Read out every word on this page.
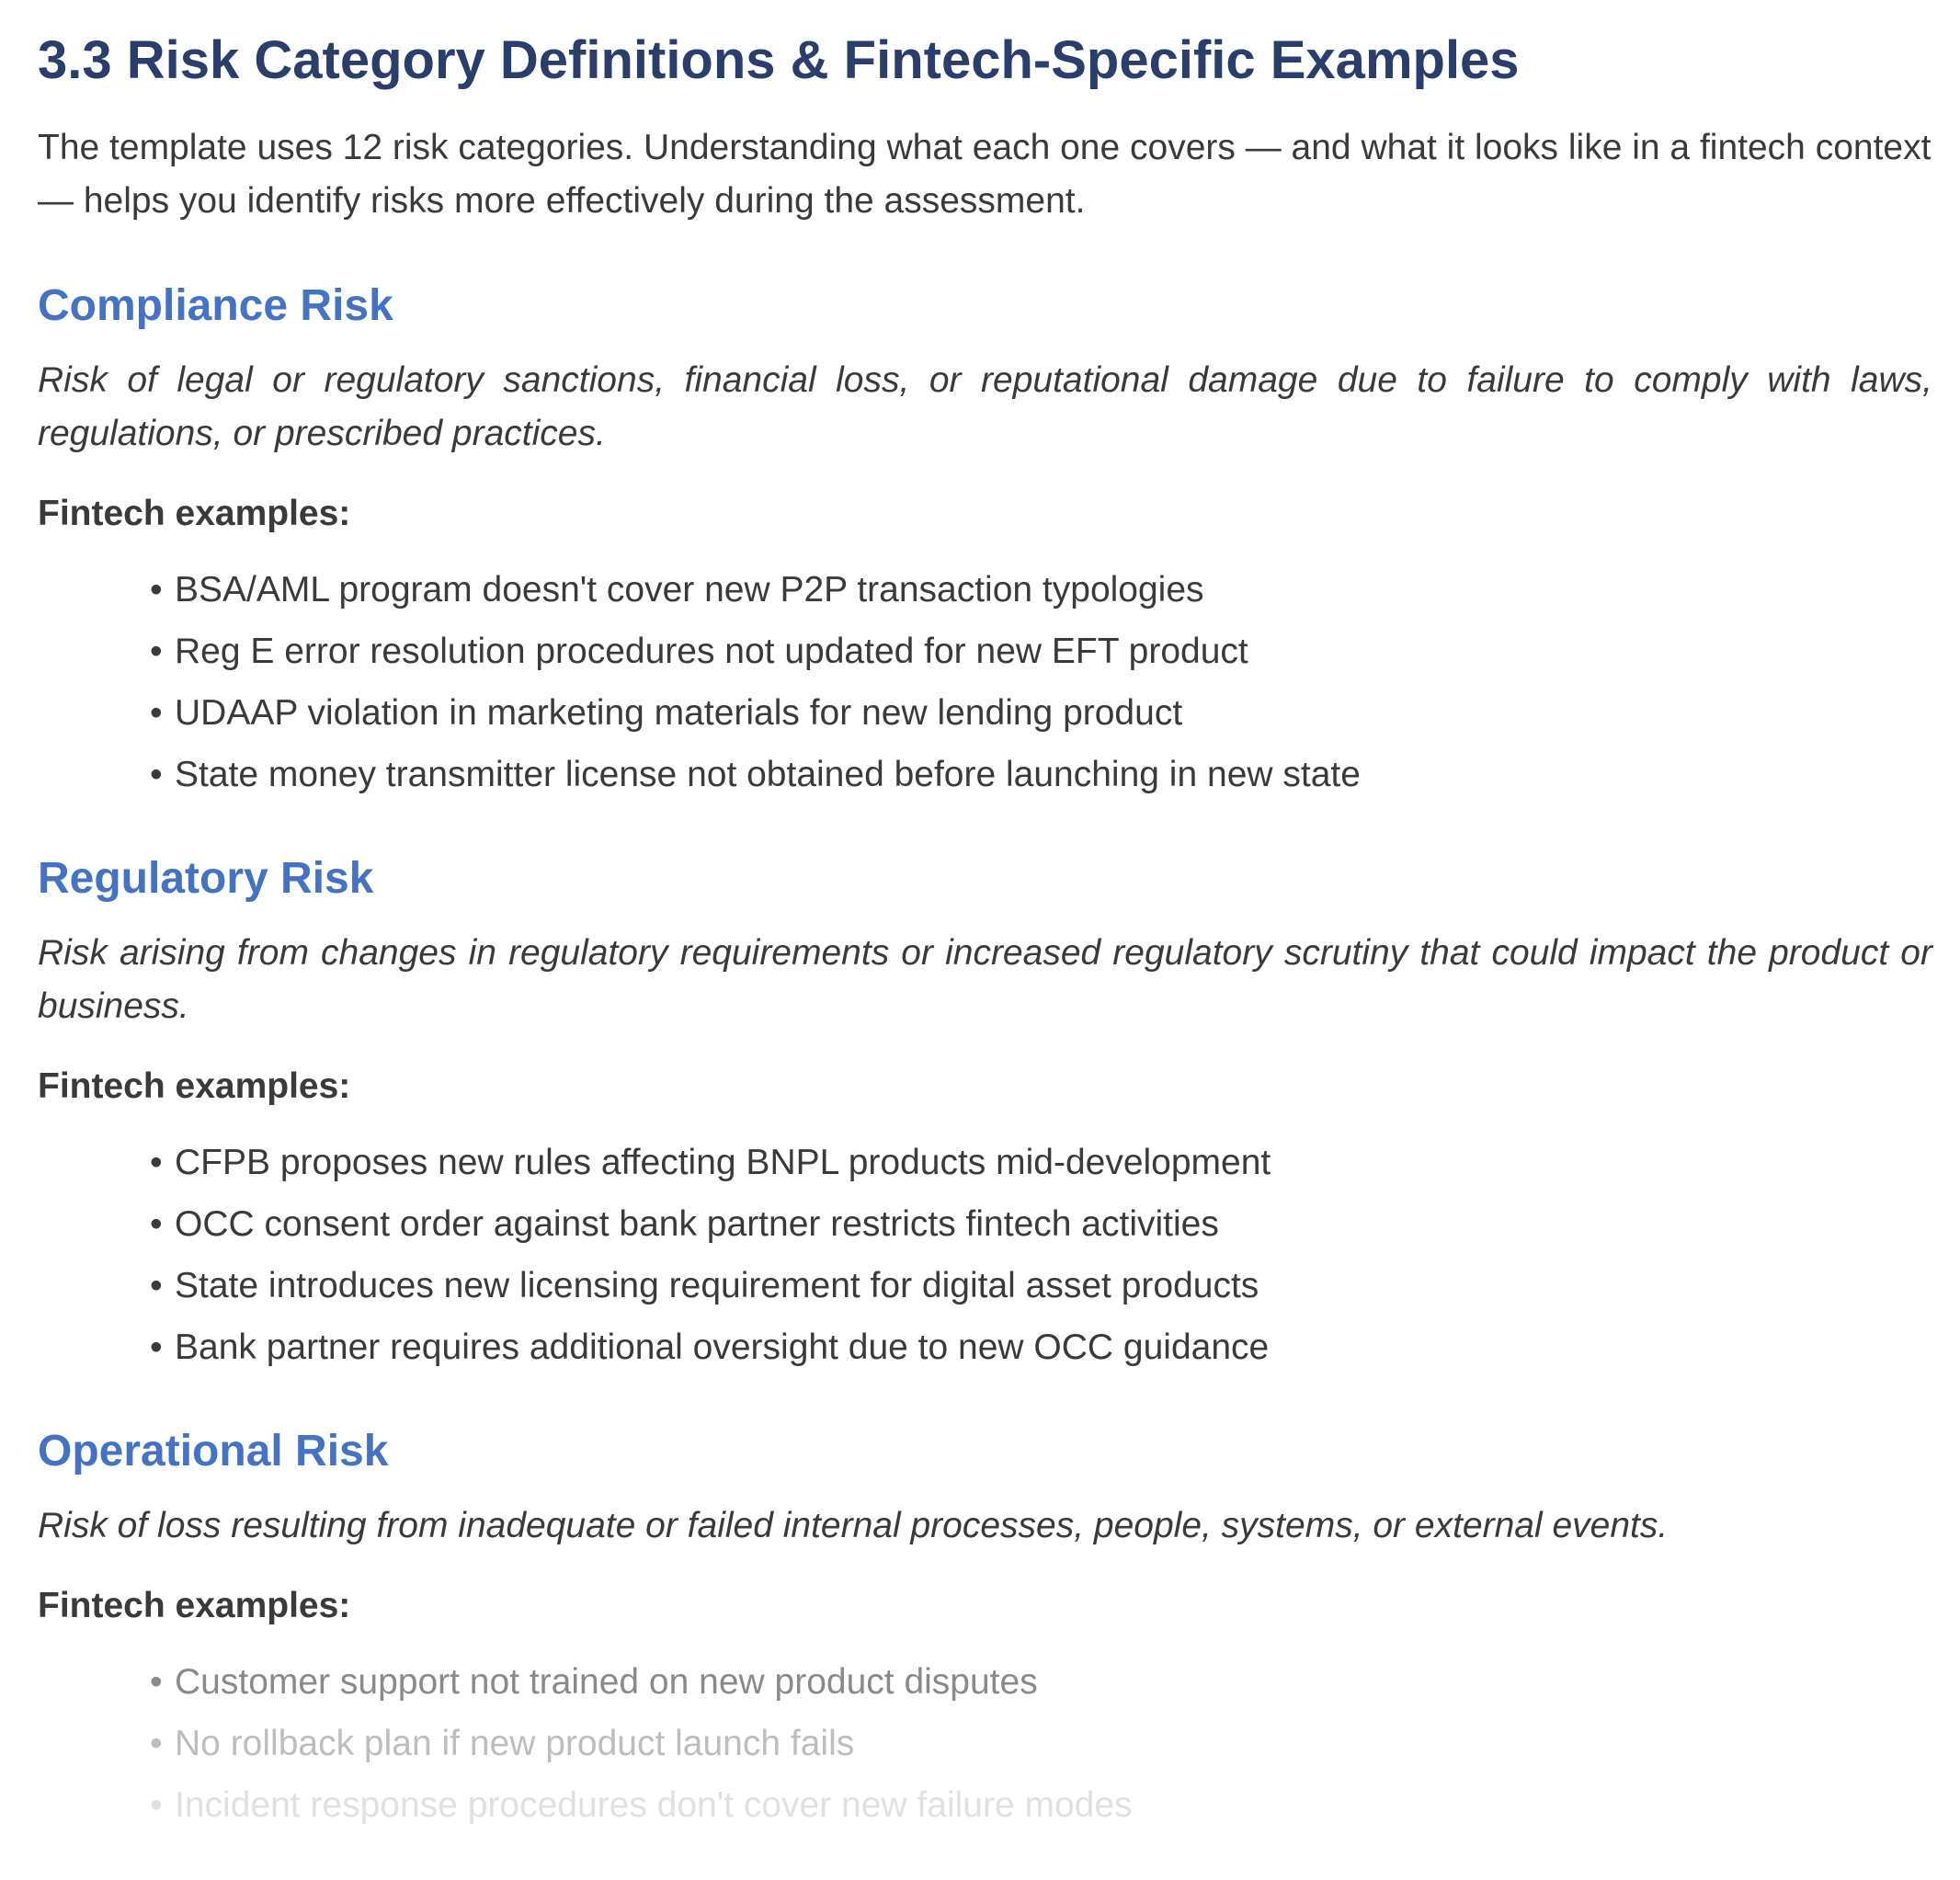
3.3 Risk Category Definitions & Fintech-Specific Examples

The template uses 12 risk categories. Understanding what each one covers — and what it looks like in a fintech context — helps you identify risks more effectively during the assessment.

Compliance Risk

Risk of legal or regulatory sanctions, financial loss, or reputational damage due to failure to comply with laws, regulations, or prescribed practices.

Fintech examples:
• BSA/AML program doesn't cover new P2P transaction typologies
• Reg E error resolution procedures not updated for new EFT product
• UDAAP violation in marketing materials for new lending product
• State money transmitter license not obtained before launching in new state
Regulatory Risk

Risk arising from changes in regulatory requirements or increased regulatory scrutiny that could impact the product or business.

Fintech examples:
• CFPB proposes new rules affecting BNPL products mid-development
• OCC consent order against bank partner restricts fintech activities
• State introduces new licensing requirement for digital asset products
• Bank partner requires additional oversight due to new OCC guidance
Operational Risk

Risk of loss resulting from inadequate or failed internal processes, people, systems, or external events.

Fintech examples:
• Customer support not trained on new product disputes
• No rollback plan if new product launch fails
• Incident response procedures don't cover new failure modes
